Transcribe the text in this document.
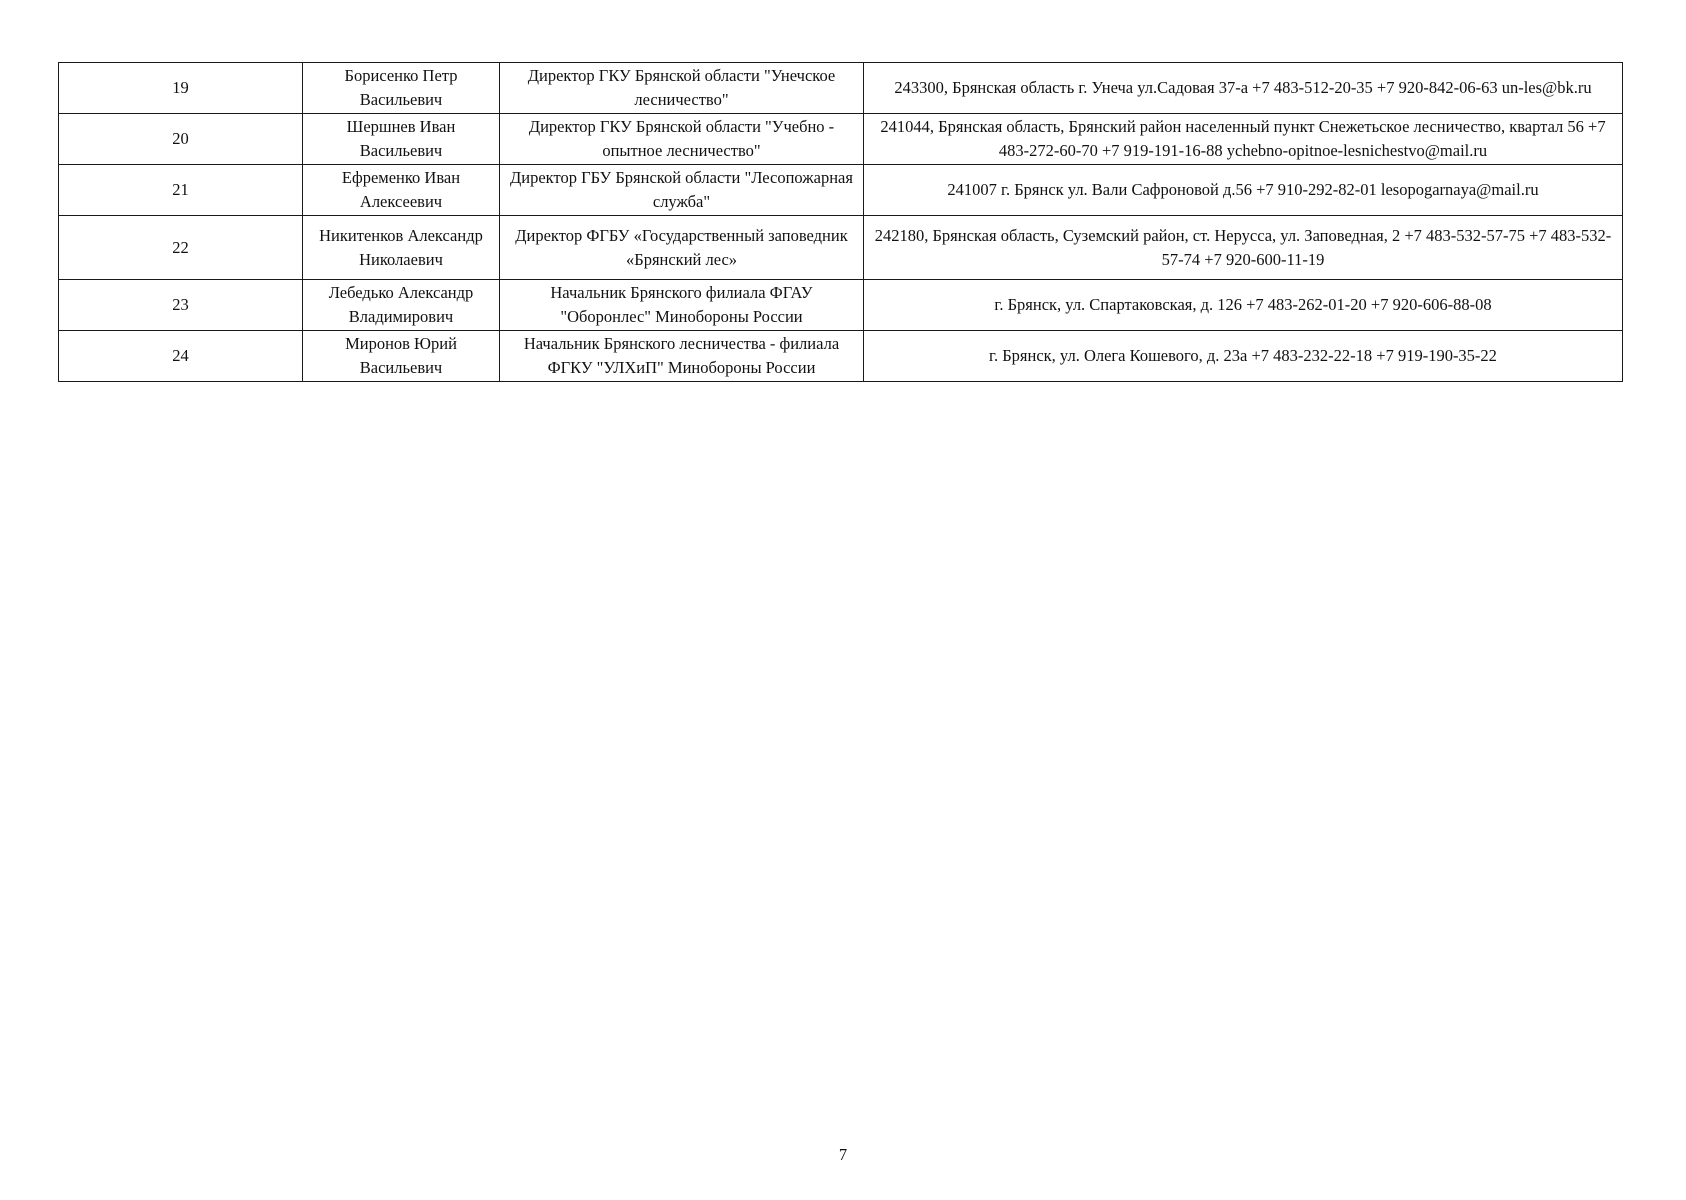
19	Борисенко Петр Васильевич	Директор ГКУ Брянской области "Унечское лесничество"	243300, Брянская область г. Унеча ул.Садовая 37-а +7 483-512-20-35 +7 920-842-06-63 un-les@bk.ru
20	Шершнев Иван Васильевич	Директор ГКУ Брянской области "Учебно - опытное лесничество"	241044, Брянская область, Брянский район населенный пункт Снежетьское лесничество, квартал 56 +7 483-272-60-70 +7 919-191-16-88 ychebno-opitnoe-lesnichestvo@mail.ru
21	Ефременко Иван Алексеевич	Директор ГБУ Брянской области "Лесопожарная служба"	241007 г. Брянск ул. Вали Сафроновой д.56 +7 910-292-82-01 lesopogarnaya@mail.ru
22	Никитенков Александр Николаевич	Директор ФГБУ «Государственный заповедник «Брянский лес»	242180, Брянская область, Суземский район, ст. Нерусса, ул. Заповедная, 2 +7 483-532-57-75 +7 483-532-57-74 +7 920-600-11-19
23	Лебедько Александр Владимирович	Начальник Брянского филиала ФГАУ "Оборонлес" Минобороны России	г. Брянск, ул. Спартаковская, д. 126 +7 483-262-01-20 +7 920-606-88-08
24	Миронов Юрий Васильевич	Начальник Брянского лесничества - филиала ФГКУ "УЛХиП" Минобороны России	г. Брянск, ул. Олега Кошевого, д. 23а +7 483-232-22-18 +7 919-190-35-22
7
